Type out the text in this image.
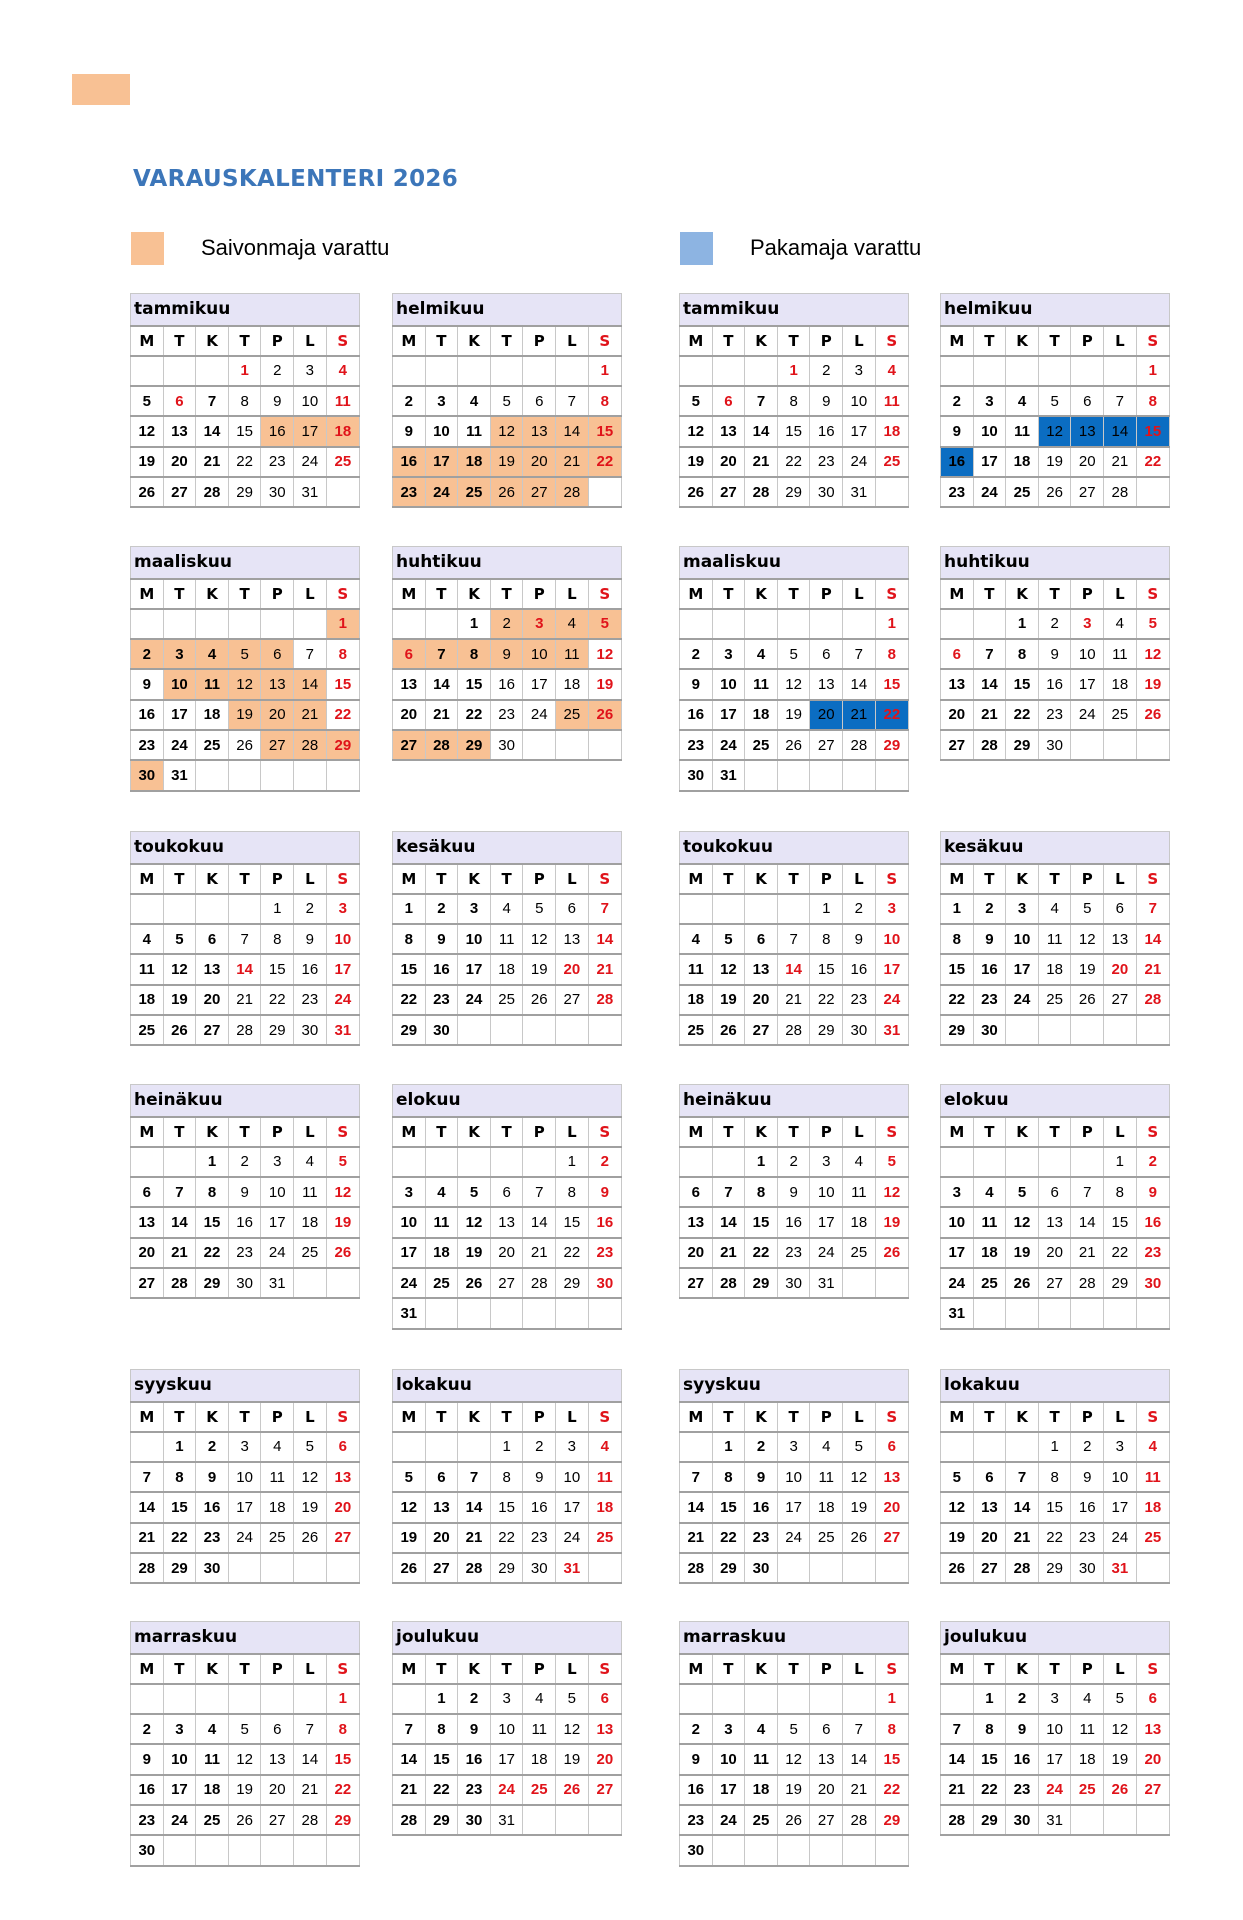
VARAUSKALENTERI 2026
Saivonmaja varattu	Pakamaja varattu
tammikuu						
M	T	K	T	P	L	S
			1	2	3	4
5	6	7	8	9	10	11
12	13	14	15	16	17	18
19	20	21	22	23	24	25
26	27	28	29	30	31	
helmikuu						
M	T	K	T	P	L	S
						1
2	3	4	5	6	7	8
9	10	11	12	13	14	15
16	17	18	19	20	21	22
23	24	25	26	27	28	
maaliskuu						
M	T	K	T	P	L	S
						1
2	3	4	5	6	7	8
9	10	11	12	13	14	15
16	17	18	19	20	21	22
23	24	25	26	27	28	29
30	31					
huhtikuu						
M	T	K	T	P	L	S
		1	2	3	4	5
6	7	8	9	10	11	12
13	14	15	16	17	18	19
20	21	22	23	24	25	26
27	28	29	30			
toukokuu						
M	T	K	T	P	L	S
				1	2	3
4	5	6	7	8	9	10
11	12	13	14	15	16	17
18	19	20	21	22	23	24
25	26	27	28	29	30	31
kesäkuu						
M	T	K	T	P	L	S
1	2	3	4	5	6	7
8	9	10	11	12	13	14
15	16	17	18	19	20	21
22	23	24	25	26	27	28
29	30					
heinäkuu						
M	T	K	T	P	L	S
		1	2	3	4	5
6	7	8	9	10	11	12
13	14	15	16	17	18	19
20	21	22	23	24	25	26
27	28	29	30	31		
elokuu						
M	T	K	T	P	L	S
					1	2
3	4	5	6	7	8	9
10	11	12	13	14	15	16
17	18	19	20	21	22	23
24	25	26	27	28	29	30
31						
syyskuu						
M	T	K	T	P	L	S
	1	2	3	4	5	6
7	8	9	10	11	12	13
14	15	16	17	18	19	20
21	22	23	24	25	26	27
28	29	30				
lokakuu						
M	T	K	T	P	L	S
			1	2	3	4
5	6	7	8	9	10	11
12	13	14	15	16	17	18
19	20	21	22	23	24	25
26	27	28	29	30	31	
marraskuu						
M	T	K	T	P	L	S
						1
2	3	4	5	6	7	8
9	10	11	12	13	14	15
16	17	18	19	20	21	22
23	24	25	26	27	28	29
30						
joulukuu						
M	T	K	T	P	L	S
	1	2	3	4	5	6
7	8	9	10	11	12	13
14	15	16	17	18	19	20
21	22	23	24	25	26	27
28	29	30	31			
tammikuu						
M	T	K	T	P	L	S
			1	2	3	4
5	6	7	8	9	10	11
12	13	14	15	16	17	18
19	20	21	22	23	24	25
26	27	28	29	30	31	
helmikuu						
M	T	K	T	P	L	S
						1
2	3	4	5	6	7	8
9	10	11	12	13	14	15
16	17	18	19	20	21	22
23	24	25	26	27	28	
maaliskuu						
M	T	K	T	P	L	S
						1
2	3	4	5	6	7	8
9	10	11	12	13	14	15
16	17	18	19	20	21	22
23	24	25	26	27	28	29
30	31					
huhtikuu						
M	T	K	T	P	L	S
		1	2	3	4	5
6	7	8	9	10	11	12
13	14	15	16	17	18	19
20	21	22	23	24	25	26
27	28	29	30			
toukokuu						
M	T	K	T	P	L	S
				1	2	3
4	5	6	7	8	9	10
11	12	13	14	15	16	17
18	19	20	21	22	23	24
25	26	27	28	29	30	31
kesäkuu						
M	T	K	T	P	L	S
1	2	3	4	5	6	7
8	9	10	11	12	13	14
15	16	17	18	19	20	21
22	23	24	25	26	27	28
29	30					
heinäkuu						
M	T	K	T	P	L	S
		1	2	3	4	5
6	7	8	9	10	11	12
13	14	15	16	17	18	19
20	21	22	23	24	25	26
27	28	29	30	31		
elokuu						
M	T	K	T	P	L	S
					1	2
3	4	5	6	7	8	9
10	11	12	13	14	15	16
17	18	19	20	21	22	23
24	25	26	27	28	29	30
31						
syyskuu						
M	T	K	T	P	L	S
	1	2	3	4	5	6
7	8	9	10	11	12	13
14	15	16	17	18	19	20
21	22	23	24	25	26	27
28	29	30				
lokakuu						
M	T	K	T	P	L	S
			1	2	3	4
5	6	7	8	9	10	11
12	13	14	15	16	17	18
19	20	21	22	23	24	25
26	27	28	29	30	31	
marraskuu						
M	T	K	T	P	L	S
						1
2	3	4	5	6	7	8
9	10	11	12	13	14	15
16	17	18	19	20	21	22
23	24	25	26	27	28	29
30						
joulukuu						
M	T	K	T	P	L	S
	1	2	3	4	5	6
7	8	9	10	11	12	13
14	15	16	17	18	19	20
21	22	23	24	25	26	27
28	29	30	31			
